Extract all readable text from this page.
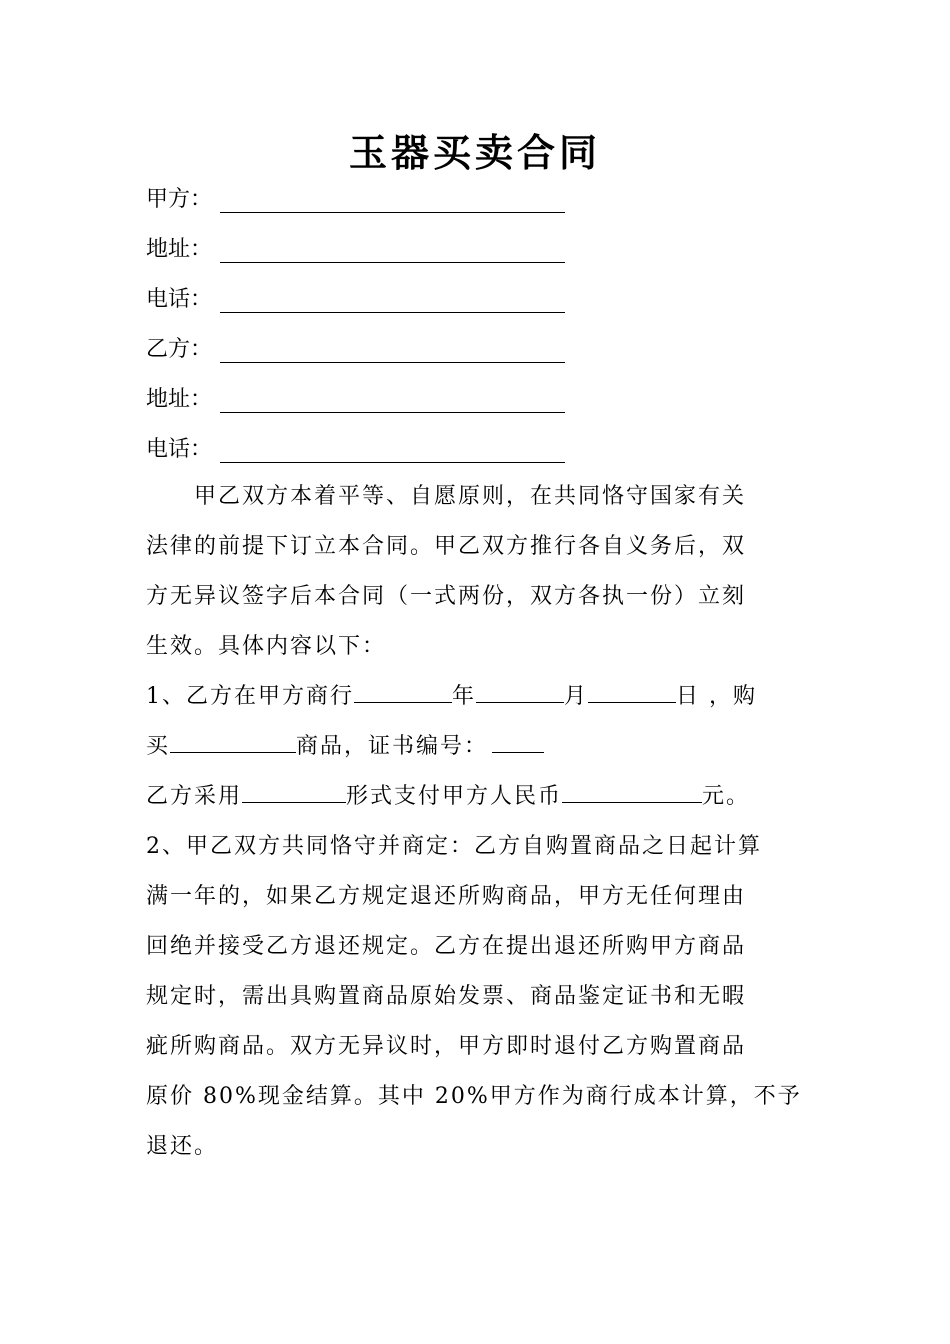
玉器买卖合同
甲方：
地址：
电话：
乙方：
地址：
电话：
　　甲乙双方本着平等、自愿原则，在共同恪守国家有关
法律的前提下订立本合同。甲乙双方推行各自义务后，双
方无异议签字后本合同（一式两份，双方各执一份）立刻
生效。具体内容以下：
1、乙方在甲方商行	年	月	日 ，购
买	商品，证书编号：
乙方采用	形式支付甲方人民币	元。
2、甲乙双方共同恪守并商定：乙方自购置商品之日起计算
满一年的，如果乙方规定退还所购商品，甲方无任何理由
回绝并接受乙方退还规定。乙方在提出退还所购甲方商品
规定时，需出具购置商品原始发票、商品鉴定证书和无暇
疵所购商品。双方无异议时，甲方即时退付乙方购置商品
原价 80%现金结算。其中 20%甲方作为商行成本计算，不予
退还。
